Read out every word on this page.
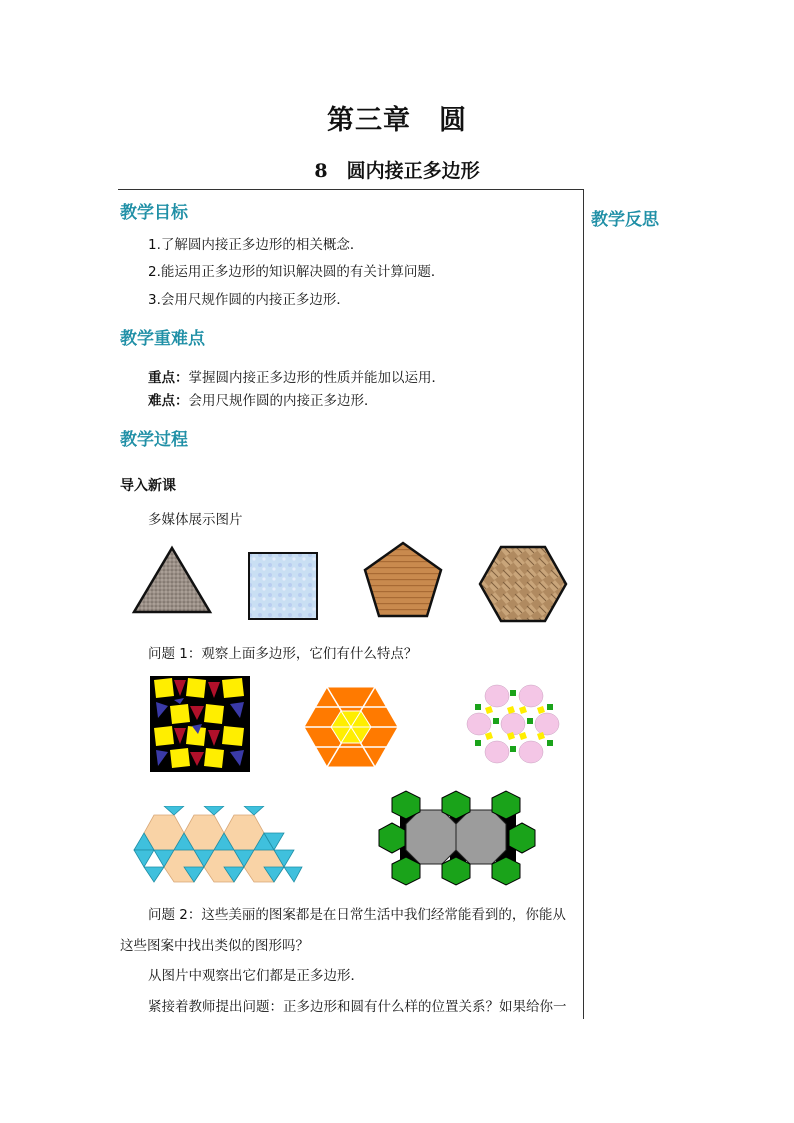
第三章　圆
8　圆内接正多边形
教学反思
教学目标
1.了解圆内接正多边形的相关概念．
2.能运用正多边形的知识解决圆的有关计算问题．
3.会用尺规作圆的内接正多边形．
教学重难点
重点：掌握圆内接正多边形的性质并能加以运用．
难点：会用尺规作圆的内接正多边形．
教学过程
导入新课
多媒体展示图片
问题 1：观察上面多边形，它们有什么特点？
问题 2：这些美丽的图案都是在日常生活中我们经常能看到的，你能从
这些图案中找出类似的图形吗？
从图片中观察出它们都是正多边形．
紧接着教师提出问题：正多边形和圆有什么样的位置关系？如果给你一
